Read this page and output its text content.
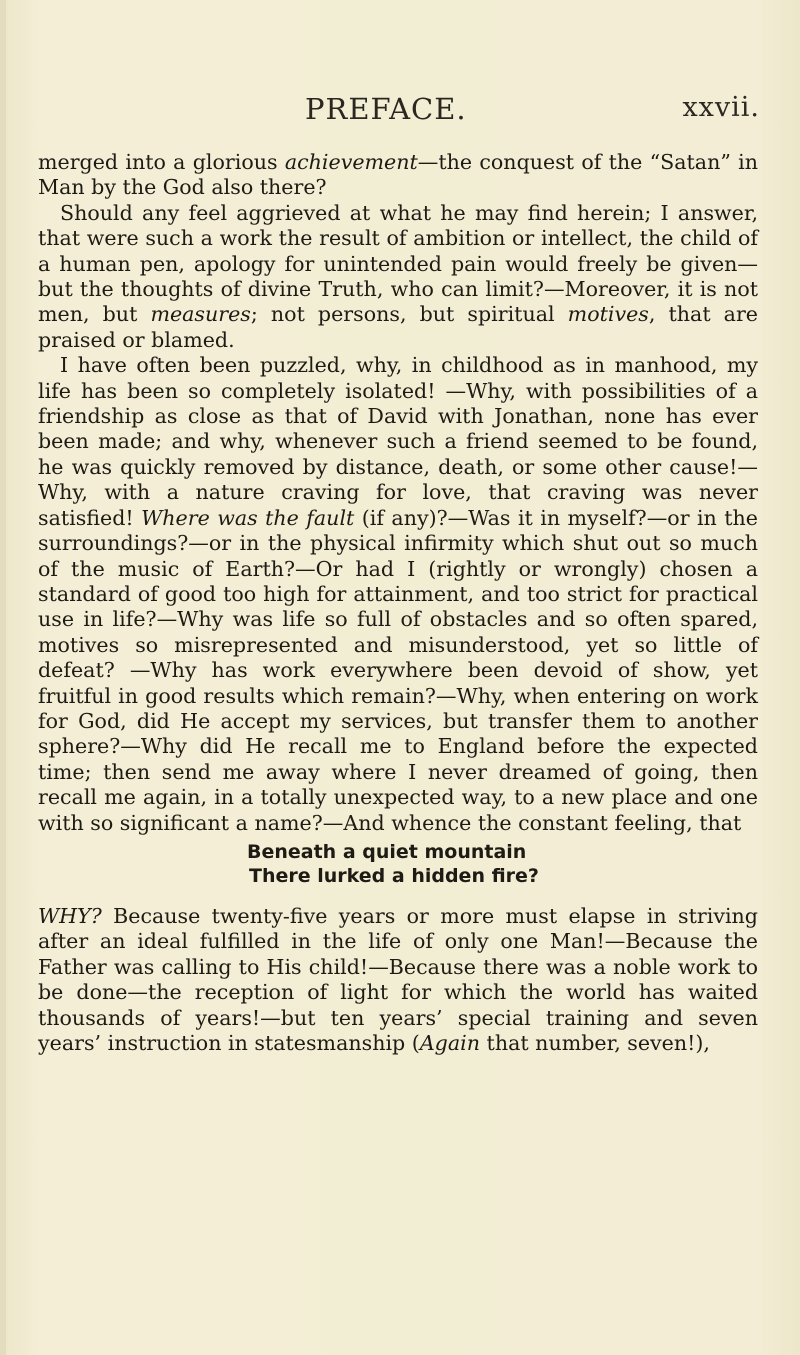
PREFACE.	xxvii.

merged into a glorious achievement—the conquest of the “Satan” in Man by the God also there?

Should any feel aggrieved at what he may find herein; I answer, that were such a work the result of ambition or intellect, the child of a human pen, apology for unintended pain would freely be given—but the thoughts of divine Truth, who can limit?—Moreover, it is not men, but measures; not persons, but spiritual motives, that are praised or blamed.

I have often been puzzled, why, in childhood as in manhood, my life has been so completely isolated! —Why, with possibilities of a friendship as close as that of David with Jonathan, none has ever been made; and why, whenever such a friend seemed to be found, he was quickly removed by distance, death, or some other cause!—Why, with a nature craving for love, that craving was never satisfied! Where was the fault (if any)?—Was it in myself?—or in the surroundings?—or in the physical infirmity which shut out so much of the music of Earth?—Or had I (rightly or wrongly) chosen a standard of good too high for attainment, and too strict for practical use in life?—Why was life so full of obstacles and so often spared, motives so misrepresented and misunderstood, yet so little of defeat? —Why has work everywhere been devoid of show, yet fruitful in good results which remain?—Why, when entering on work for God, did He accept my services, but transfer them to another sphere?—Why did He recall me to England before the expected time; then send me away where I never dreamed of going, then recall me again, in a totally unexpected way, to a new place and one with so significant a name?—And whence the constant feeling, that

Beneath a quiet mountain
There lurked a hidden fire?

WHY? Because twenty-five years or more must elapse in striving after an ideal fulfilled in the life of only one Man!—Because the Father was calling to His child!—Because there was a noble work to be done—the reception of light for which the world has waited thousands of years!—but ten years’ special training and seven years’ instruction in statesmanship (Again that number, seven!),
